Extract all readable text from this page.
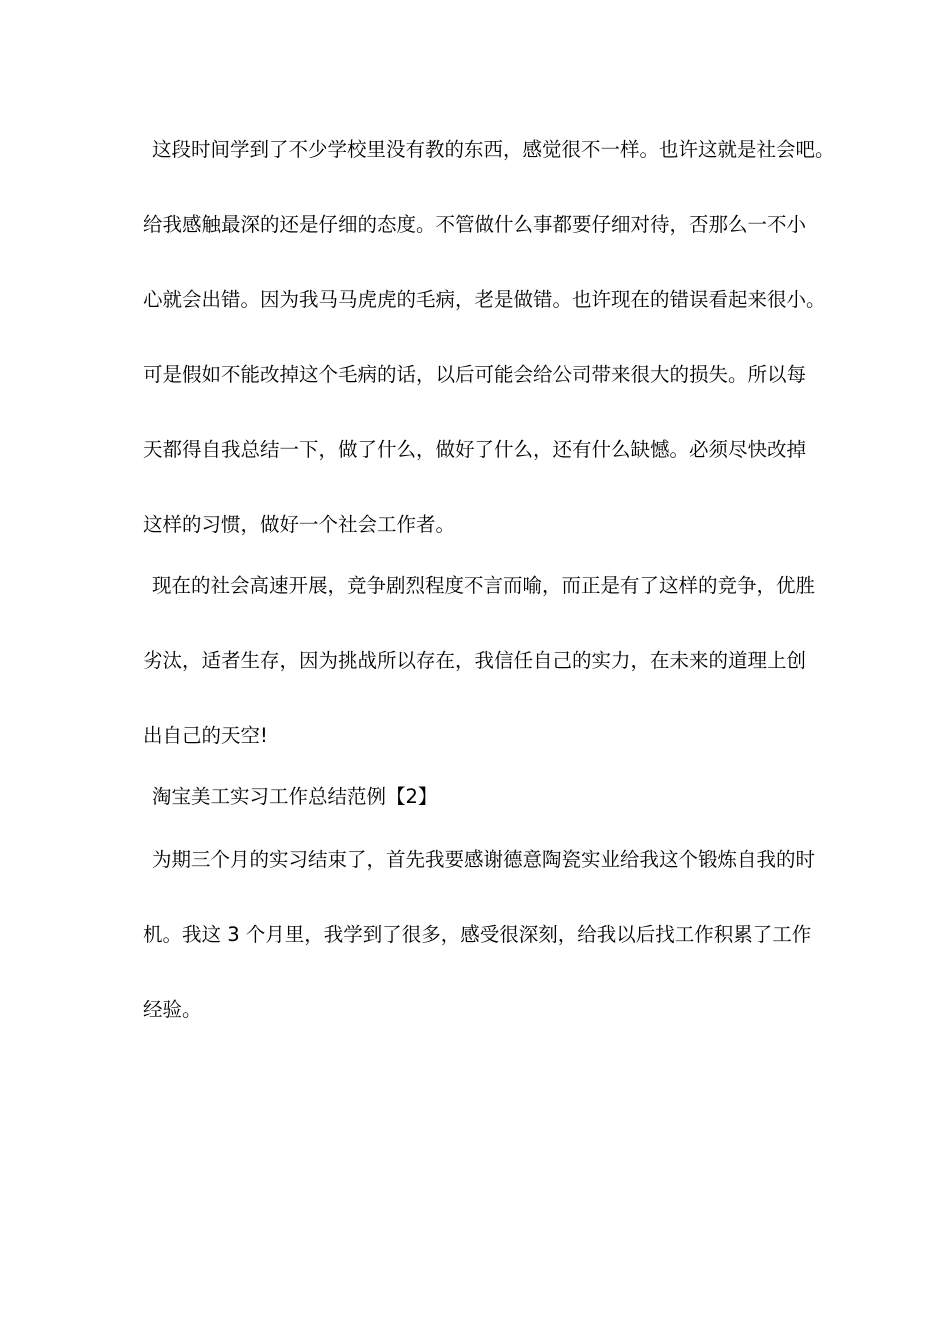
这段时间学到了不少学校里没有教的东西，感觉很不一样。也许这就是社会吧。
给我感触最深的还是仔细的态度。不管做什么事都要仔细对待，否那么一不小
心就会出错。因为我马马虎虎的毛病，老是做错。也许现在的错误看起来很小。
可是假如不能改掉这个毛病的话，以后可能会给公司带来很大的损失。所以每
天都得自我总结一下，做了什么，做好了什么，还有什么缺憾。必须尽快改掉
这样的习惯，做好一个社会工作者。
现在的社会高速开展，竞争剧烈程度不言而喻，而正是有了这样的竞争，优胜
劣汰，适者生存，因为挑战所以存在，我信任自己的实力，在未来的道理上创
出自己的天空!
淘宝美工实习工作总结范例【2】
为期三个月的实习结束了，首先我要感谢德意陶瓷实业给我这个锻炼自我的时
机。我这 3 个月里，我学到了很多，感受很深刻，给我以后找工作积累了工作
经验。
